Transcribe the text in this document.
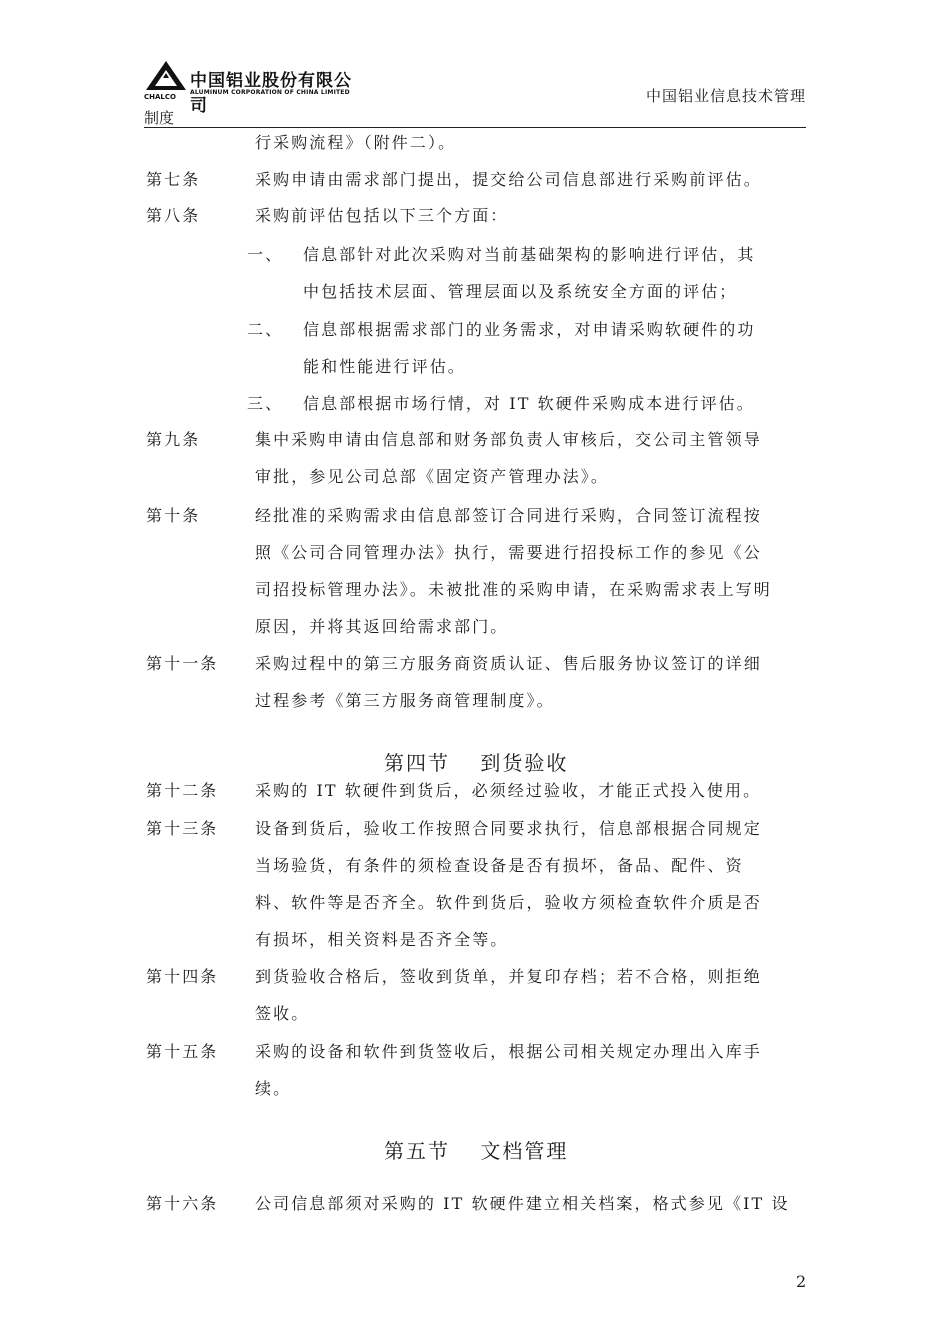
CHALCO
中国铝业股份有限公司
ALUMINUM CORPORATION OF CHINA LIMITED	中国铝业信息技术管理
制度
行采购流程》（附件二）。
第七条	采购申请由需求部门提出，提交给公司信息部进行采购前评估。
第八条	采购前评估包括以下三个方面：
一、 信息部针对此次采购对当前基础架构的影响进行评估，其
中包括技术层面、管理层面以及系统安全方面的评估；
二、 信息部根据需求部门的业务需求，对申请采购软硬件的功
能和性能进行评估。
三、 信息部根据市场行情，对 IT 软硬件采购成本进行评估。
第九条	集中采购申请由信息部和财务部负责人审核后，交公司主管领导
审批，参见公司总部《固定资产管理办法》。
第十条	经批准的采购需求由信息部签订合同进行采购，合同签订流程按
照《公司合同管理办法》执行，需要进行招投标工作的参见《公
司招投标管理办法》。未被批准的采购申请，在采购需求表上写明
原因，并将其返回给需求部门。
第十一条 采购过程中的第三方服务商资质认证、售后服务协议签订的详细
过程参考《第三方服务商管理制度》。
第四节　 到货验收
第十二条 采购的 IT 软硬件到货后，必须经过验收，才能正式投入使用。
第十三条 设备到货后，验收工作按照合同要求执行，信息部根据合同规定
当场验货，有条件的须检查设备是否有损坏，备品、配件、资
料、软件等是否齐全。软件到货后，验收方须检查软件介质是否
有损坏，相关资料是否齐全等。
第十四条 到货验收合格后，签收到货单，并复印存档；若不合格，则拒绝
签收。
第十五条 采购的设备和软件到货签收后，根据公司相关规定办理出入库手
续。
第五节　 文档管理
第十六条 公司信息部须对采购的 IT 软硬件建立相关档案，格式参见《IT 设
2
